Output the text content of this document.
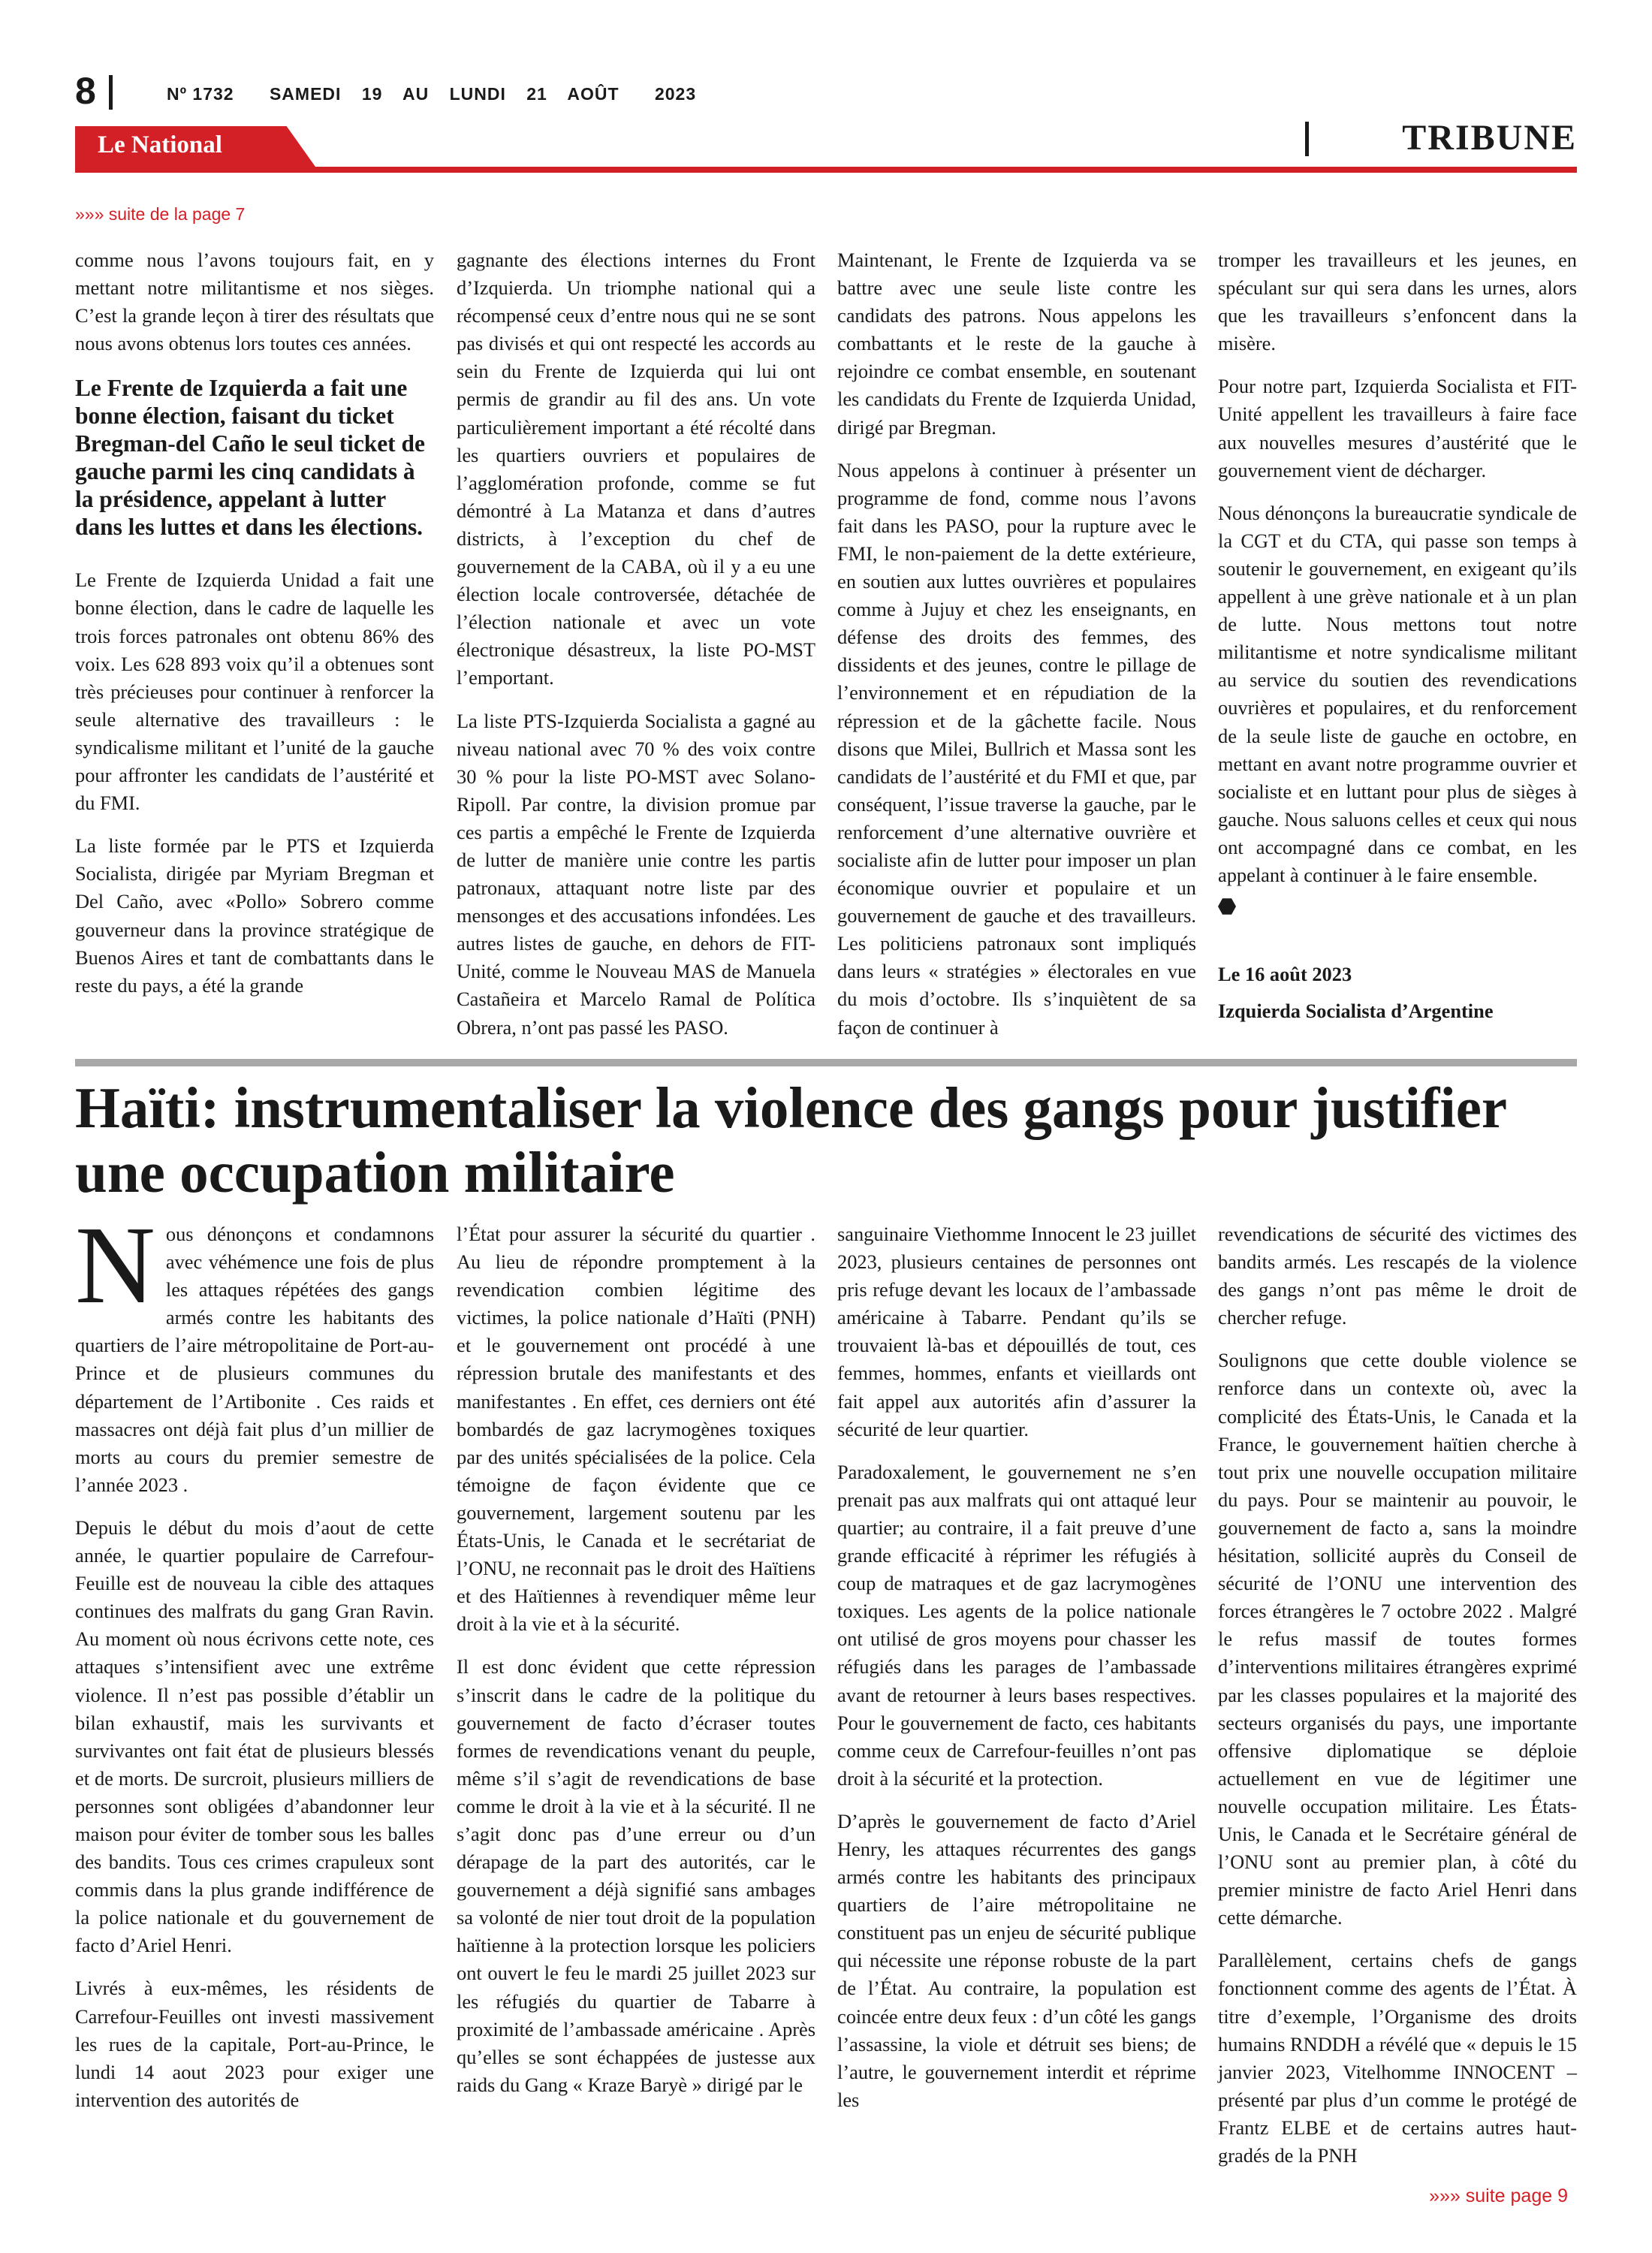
8	Nº 1732 SAMEDI 19 AU LUNDI 21 AOÛT 2023
Le National	TRIBUNE
»»» suite de la page 7

comme nous l’avons toujours fait, en y mettant notre militantisme et nos sièges. C’est la grande leçon à tirer des résultats que nous avons obtenus lors toutes ces années.

Le Frente de Izquierda a fait une bonne élection, faisant du ticket Bregman-del Caño le seul ticket de gauche parmi les cinq candidats à la présidence, appelant à lutter dans les luttes et dans les élections.

Le Frente de Izquierda Unidad a fait une bonne élection, dans le cadre de laquelle les trois forces patronales ont obtenu 86% des voix. Les 628 893 voix qu’il a obtenues sont très précieuses pour continuer à renforcer la seule alternative des travailleurs : le syndicalisme militant et l’unité de la gauche pour affronter les candidats de l’austérité et du FMI.

La liste formée par le PTS et Izquierda Socialista, dirigée par Myriam Bregman et Del Caño, avec «Pollo» Sobrero comme gouverneur dans la province stratégique de Buenos Aires et tant de combattants dans le reste du pays, a été la grande

gagnante des élections internes du Front d’Izquierda. Un triomphe national qui a récompensé ceux d’entre nous qui ne se sont pas divisés et qui ont respecté les accords au sein du Frente de Izquierda qui lui ont permis de grandir au fil des ans. Un vote particulièrement important a été récolté dans les quartiers ouvriers et populaires de l’agglomération profonde, comme se fut démontré à La Matanza et dans d’autres districts, à l’exception du chef de gouvernement de la CABA, où il y a eu une élection locale controversée, détachée de l’élection nationale et avec un vote électronique désastreux, la liste PO-MST l’emportant.

La liste PTS-Izquierda Socialista a gagné au niveau national avec 70 % des voix contre 30 % pour la liste PO-MST avec Solano-Ripoll. Par contre, la division promue par ces partis a empêché le Frente de Izquierda de lutter de manière unie contre les partis patronaux, attaquant notre liste par des mensonges et des accusations infondées. Les autres listes de gauche, en dehors de FIT-Unité, comme le Nouveau MAS de Manuela Castañeira et Marcelo Ramal de Política Obrera, n’ont pas passé les PASO.

Maintenant, le Frente de Izquierda va se battre avec une seule liste contre les candidats des patrons. Nous appelons les combattants et le reste de la gauche à rejoindre ce combat ensemble, en soutenant les candidats du Frente de Izquierda Unidad, dirigé par Bregman.

Nous appelons à continuer à présenter un programme de fond, comme nous l’avons fait dans les PASO, pour la rupture avec le FMI, le non-paiement de la dette extérieure, en soutien aux luttes ouvrières et populaires comme à Jujuy et chez les enseignants, en défense des droits des femmes, des dissidents et des jeunes, contre le pillage de l’environnement et en répudiation de la répression et de la gâchette facile. Nous disons que Milei, Bullrich et Massa sont les candidats de l’austérité et du FMI et que, par conséquent, l’issue traverse la gauche, par le renforcement d’une alternative ouvrière et socialiste afin de lutter pour imposer un plan économique ouvrier et populaire et un gouvernement de gauche et des travailleurs. Les politiciens patronaux sont impliqués dans leurs « stratégies » électorales en vue du mois d’octobre. Ils s’inquiètent de sa façon de continuer à

tromper les travailleurs et les jeunes, en spéculant sur qui sera dans les urnes, alors que les travailleurs s’enfoncent dans la misère.

Pour notre part, Izquierda Socialista et FIT-Unité appellent les travailleurs à faire face aux nouvelles mesures d’austérité que le gouvernement vient de décharger.

Nous dénonçons la bureaucratie syndicale de la CGT et du CTA, qui passe son temps à soutenir le gouvernement, en exigeant qu’ils appellent à une grève nationale et à un plan de lutte. Nous mettons tout notre militantisme et notre syndicalisme militant au service du soutien des revendications ouvrières et populaires, et du renforcement de la seule liste de gauche en octobre, en mettant en avant notre programme ouvrier et socialiste et en luttant pour plus de sièges à gauche. Nous saluons celles et ceux qui nous ont accompagné dans ce combat, en les appelant à continuer à le faire ensemble.

Le 16 août 2023

Izquierda Socialista d’Argentine

Haïti: instrumentaliser la violence des gangs pour justifier une occupation militaire

Nous dénonçons et condamnons avec véhémence une fois de plus les attaques répétées des gangs armés contre les habitants des quartiers de l’aire métropolitaine de Port-au-Prince et de plusieurs communes du département de l’Artibonite . Ces raids et massacres ont déjà fait plus d’un millier de morts au cours du premier semestre de l’année 2023 .

Depuis le début du mois d’aout de cette année, le quartier populaire de Carrefour-Feuille est de nouveau la cible des attaques continues des malfrats du gang Gran Ravin. Au moment où nous écrivons cette note, ces attaques s’intensifient avec une extrême violence. Il n’est pas possible d’établir un bilan exhaustif, mais les survivants et survivantes ont fait état de plusieurs blessés et de morts. De surcroit, plusieurs milliers de personnes sont obligées d’abandonner leur maison pour éviter de tomber sous les balles des bandits. Tous ces crimes crapuleux sont commis dans la plus grande indifférence de la police nationale et du gouvernement de facto d’Ariel Henri.

Livrés à eux-mêmes, les résidents de Carrefour-Feuilles ont investi massivement les rues de la capitale, Port-au-Prince, le lundi 14 aout 2023 pour exiger une intervention des autorités de

l’État pour assurer la sécurité du quartier . Au lieu de répondre promptement à la revendication combien légitime des victimes, la police nationale d’Haïti (PNH) et le gouvernement ont procédé à une répression brutale des manifestants et des manifestantes . En effet, ces derniers ont été bombardés de gaz lacrymogènes toxiques par des unités spécialisées de la police. Cela témoigne de façon évidente que ce gouvernement, largement soutenu par les États-Unis, le Canada et le secrétariat de l’ONU, ne reconnait pas le droit des Haïtiens et des Haïtiennes à revendiquer même leur droit à la vie et à la sécurité.

Il est donc évident que cette répression s’inscrit dans le cadre de la politique du gouvernement de facto d’écraser toutes formes de revendications venant du peuple, même s’il s’agit de revendications de base comme le droit à la vie et à la sécurité. Il ne s’agit donc pas d’une erreur ou d’un dérapage de la part des autorités, car le gouvernement a déjà signifié sans ambages sa volonté de nier tout droit de la population haïtienne à la protection lorsque les policiers ont ouvert le feu le mardi 25 juillet 2023 sur les réfugiés du quartier de Tabarre à proximité de l’ambassade américaine . Après qu’elles se sont échappées de justesse aux raids du Gang « Kraze Baryè » dirigé par le

sanguinaire Viethomme Innocent le 23 juillet 2023, plusieurs centaines de personnes ont pris refuge devant les locaux de l’ambassade américaine à Tabarre. Pendant qu’ils se trouvaient là-bas et dépouillés de tout, ces femmes, hommes, enfants et vieillards ont fait appel aux autorités afin d’assurer la sécurité de leur quartier.

Paradoxalement, le gouvernement ne s’en prenait pas aux malfrats qui ont attaqué leur quartier; au contraire, il a fait preuve d’une grande efficacité à réprimer les réfugiés à coup de matraques et de gaz lacrymogènes toxiques. Les agents de la police nationale ont utilisé de gros moyens pour chasser les réfugiés dans les parages de l’ambassade avant de retourner à leurs bases respectives. Pour le gouvernement de facto, ces habitants comme ceux de Carrefour-feuilles n’ont pas droit à la sécurité et la protection.

D’après le gouvernement de facto d’Ariel Henry, les attaques récurrentes des gangs armés contre les habitants des principaux quartiers de l’aire métropolitaine ne constituent pas un enjeu de sécurité publique qui nécessite une réponse robuste de la part de l’État. Au contraire, la population est coincée entre deux feux : d’un côté les gangs l’assassine, la viole et détruit ses biens; de l’autre, le gouvernement interdit et réprime les

revendications de sécurité des victimes des bandits armés. Les rescapés de la violence des gangs n’ont pas même le droit de chercher refuge.

Soulignons que cette double violence se renforce dans un contexte où, avec la complicité des États-Unis, le Canada et la France, le gouvernement haïtien cherche à tout prix une nouvelle occupation militaire du pays. Pour se maintenir au pouvoir, le gouvernement de facto a, sans la moindre hésitation, sollicité auprès du Conseil de sécurité de l’ONU une intervention des forces étrangères le 7 octobre 2022 . Malgré le refus massif de toutes formes d’interventions militaires étrangères exprimé par les classes populaires et la majorité des secteurs organisés du pays, une importante offensive diplomatique se déploie actuellement en vue de légitimer une nouvelle occupation militaire. Les États-Unis, le Canada et le Secrétaire général de l’ONU sont au premier plan, à côté du premier ministre de facto Ariel Henri dans cette démarche.

Parallèlement, certains chefs de gangs fonctionnent comme des agents de l’État. À titre d’exemple, l’Organisme des droits humains RNDDH a révélé que « depuis le 15 janvier 2023, Vitelhomme INNOCENT – présenté par plus d’un comme le protégé de Frantz ELBE et de certains autres haut-gradés de la PNH

»»» suite page 9
